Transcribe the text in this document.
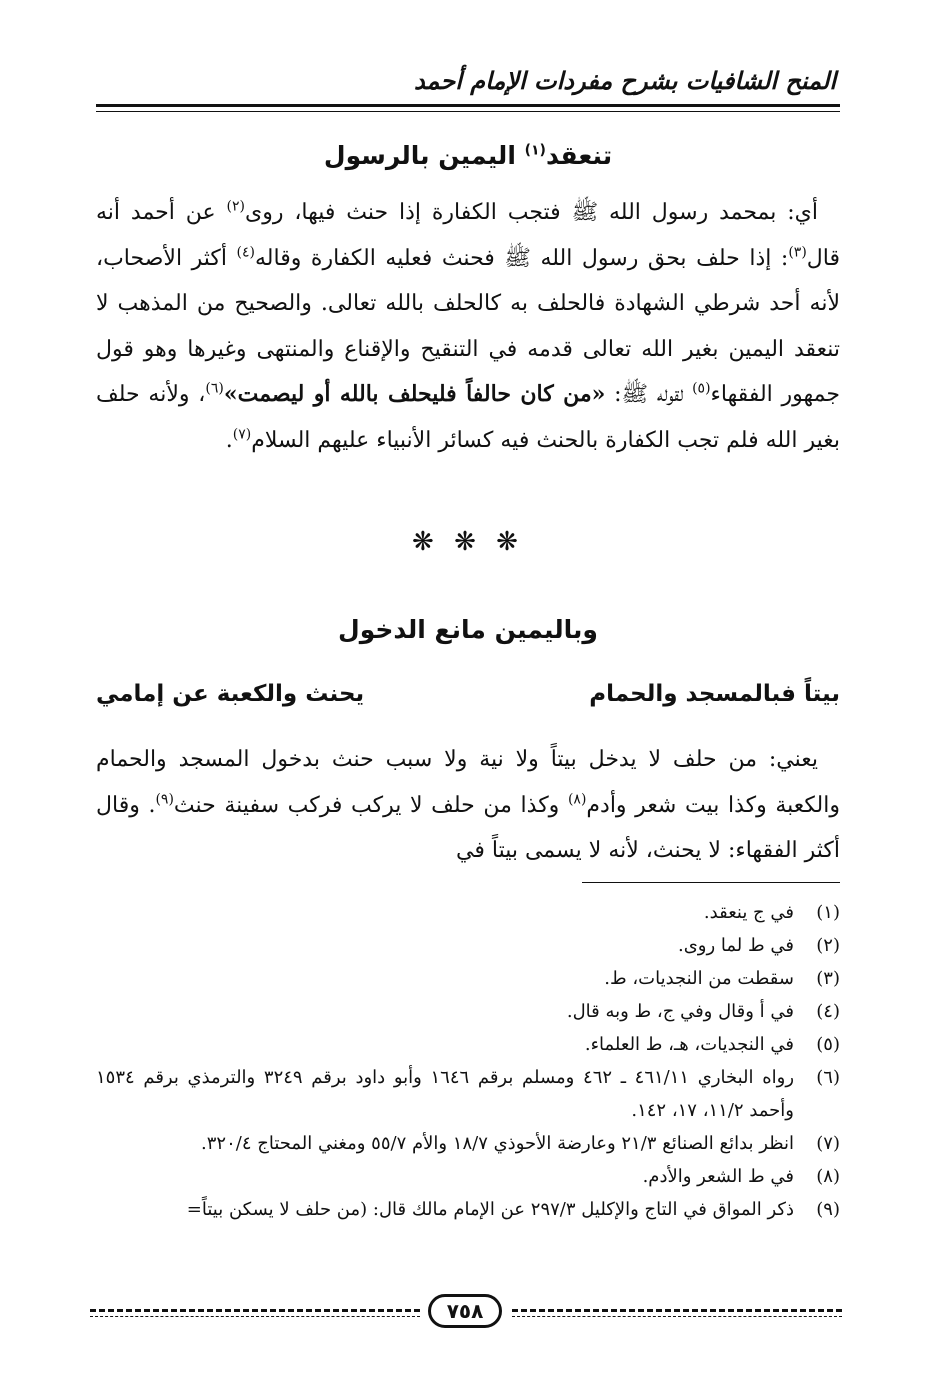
المنح الشافيات بشرح مفردات الإمام أحمد
تنعقد$^{(١)}$ اليمين بالرسول
أي: بمحمد رسول الله ﷺ فتجب الكفارة إذا حنث فيها، روى$^{(٢)}$ عن أحمد أنه قال$^{(٣)}$: إذا حلف بحق رسول الله ﷺ فحنث فعليه الكفارة وقاله$^{(٤)}$ أكثر الأصحاب، لأنه أحد شرطي الشهادة فالحلف به كالحلف بالله تعالى. والصحيح من المذهب لا تنعقد اليمين بغير الله تعالى قدمه في التنقيح والإقناع والمنتهى وغيرها وهو قول جمهور الفقهاء$^{(٥)}$ لقوله ﷺ: «من كان حالفاً فليحلف بالله أو ليصمت»$^{(٦)}$، ولأنه حلف بغير الله فلم تجب الكفارة بالحنث فيه كسائر الأنبياء عليهم السلام$^{(٧)}$.
❋ ❋ ❋
وباليمين مانع الدخول
بيتاً فبالمسجد والحمام
يحنث والكعبة عن إمامي
يعني: من حلف لا يدخل بيتاً ولا نية ولا سبب حنث بدخول المسجد والحمام والكعبة وكذا بيت شعر وأدم$^{(٨)}$ وكذا من حلف لا يركب فركب سفينة حنث$^{(٩)}$. وقال أكثر الفقهاء: لا يحنث، لأنه لا يسمى بيتاً في
(١)
في ج ينعقد.
(٢)
في ط لما روى.
(٣)
سقطت من النجديات، ط.
(٤)
في أ وقال وفي ج، ط وبه قال.
(٥)
في النجديات، هـ، ط العلماء.
(٦)
رواه البخاري ٤٦١/١١ ـ ٤٦٢ ومسلم برقم ١٦٤٦ وأبو داود برقم ٣٢٤٩ والترمذي برقم ١٥٣٤ وأحمد ١١/٢، ١٧، ١٤٢.
(٧)
انظر بدائع الصنائع ٢١/٣ وعارضة الأحوذي ١٨/٧ والأم ٥٥/٧ ومغني المحتاج ٣٢٠/٤.
(٨)
في ط الشعر والأدم.
(٩)
ذكر المواق في التاج والإكليل ٢٩٧/٣ عن الإمام مالك قال: (من حلف لا يسكن بيتاً=
٧٥٨
